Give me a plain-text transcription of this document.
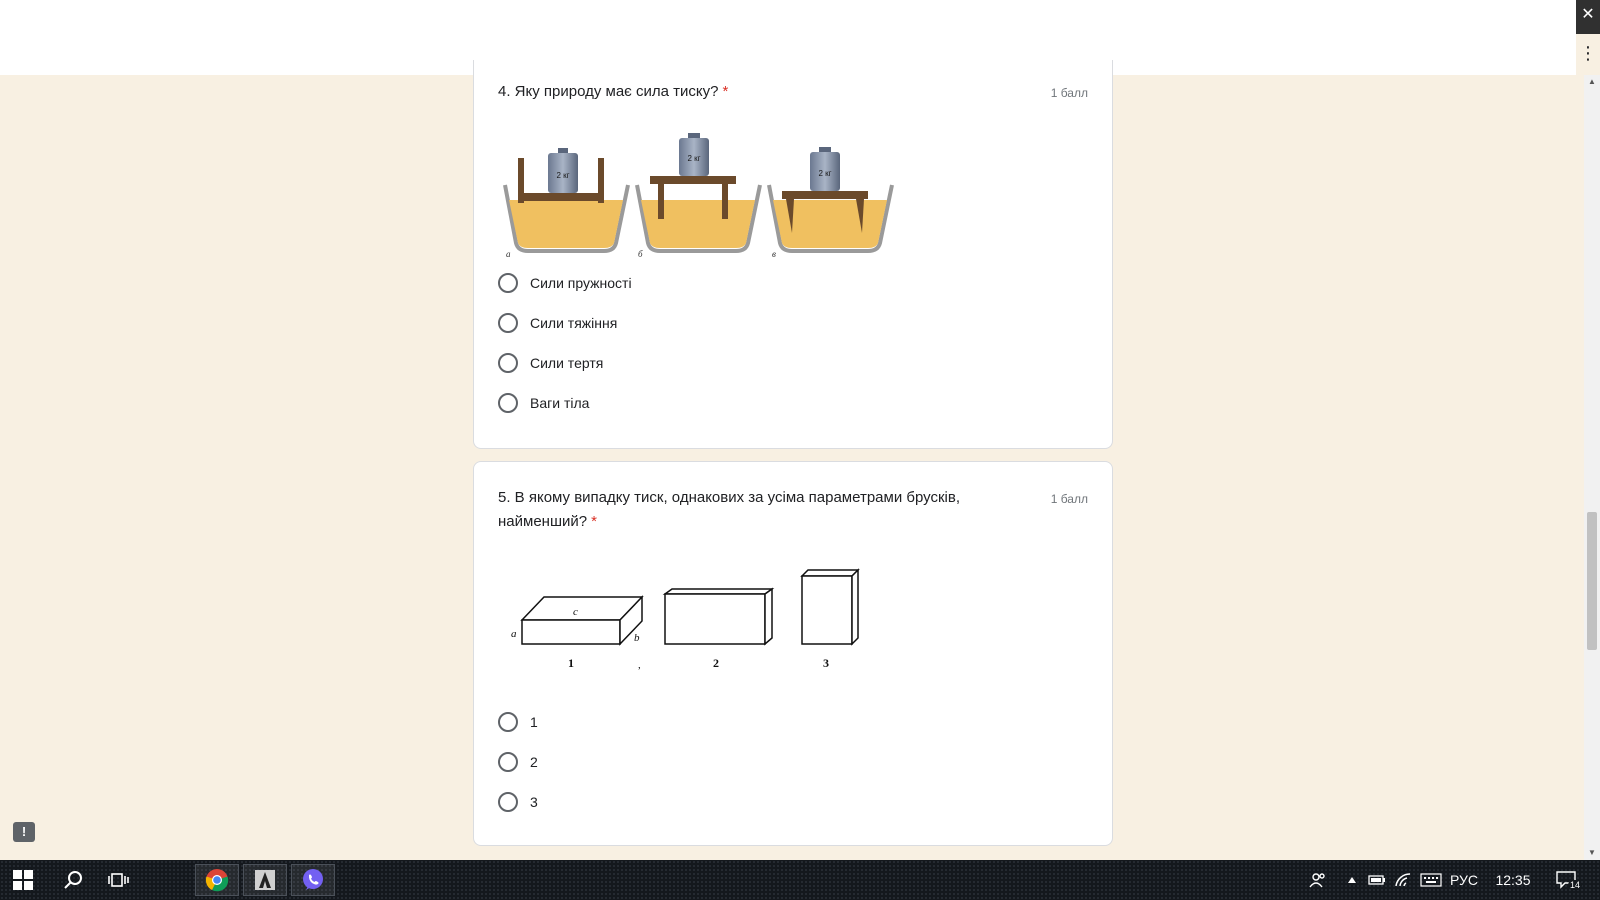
✕
⋮
▲
▼
4. Яку природу має сила тиску? *	1 балл
2 кг
а
2 кг
б
2 кг
в
Сили пружності
Сили тяжіння
Сили тертя
Ваги тіла
5. В якому випадку тиск, однакових за усіма параметрами брусків, найменший? *
1 балл
a
c
b
1	,	2	3
1
2
3
!
РУС	12:35	14
